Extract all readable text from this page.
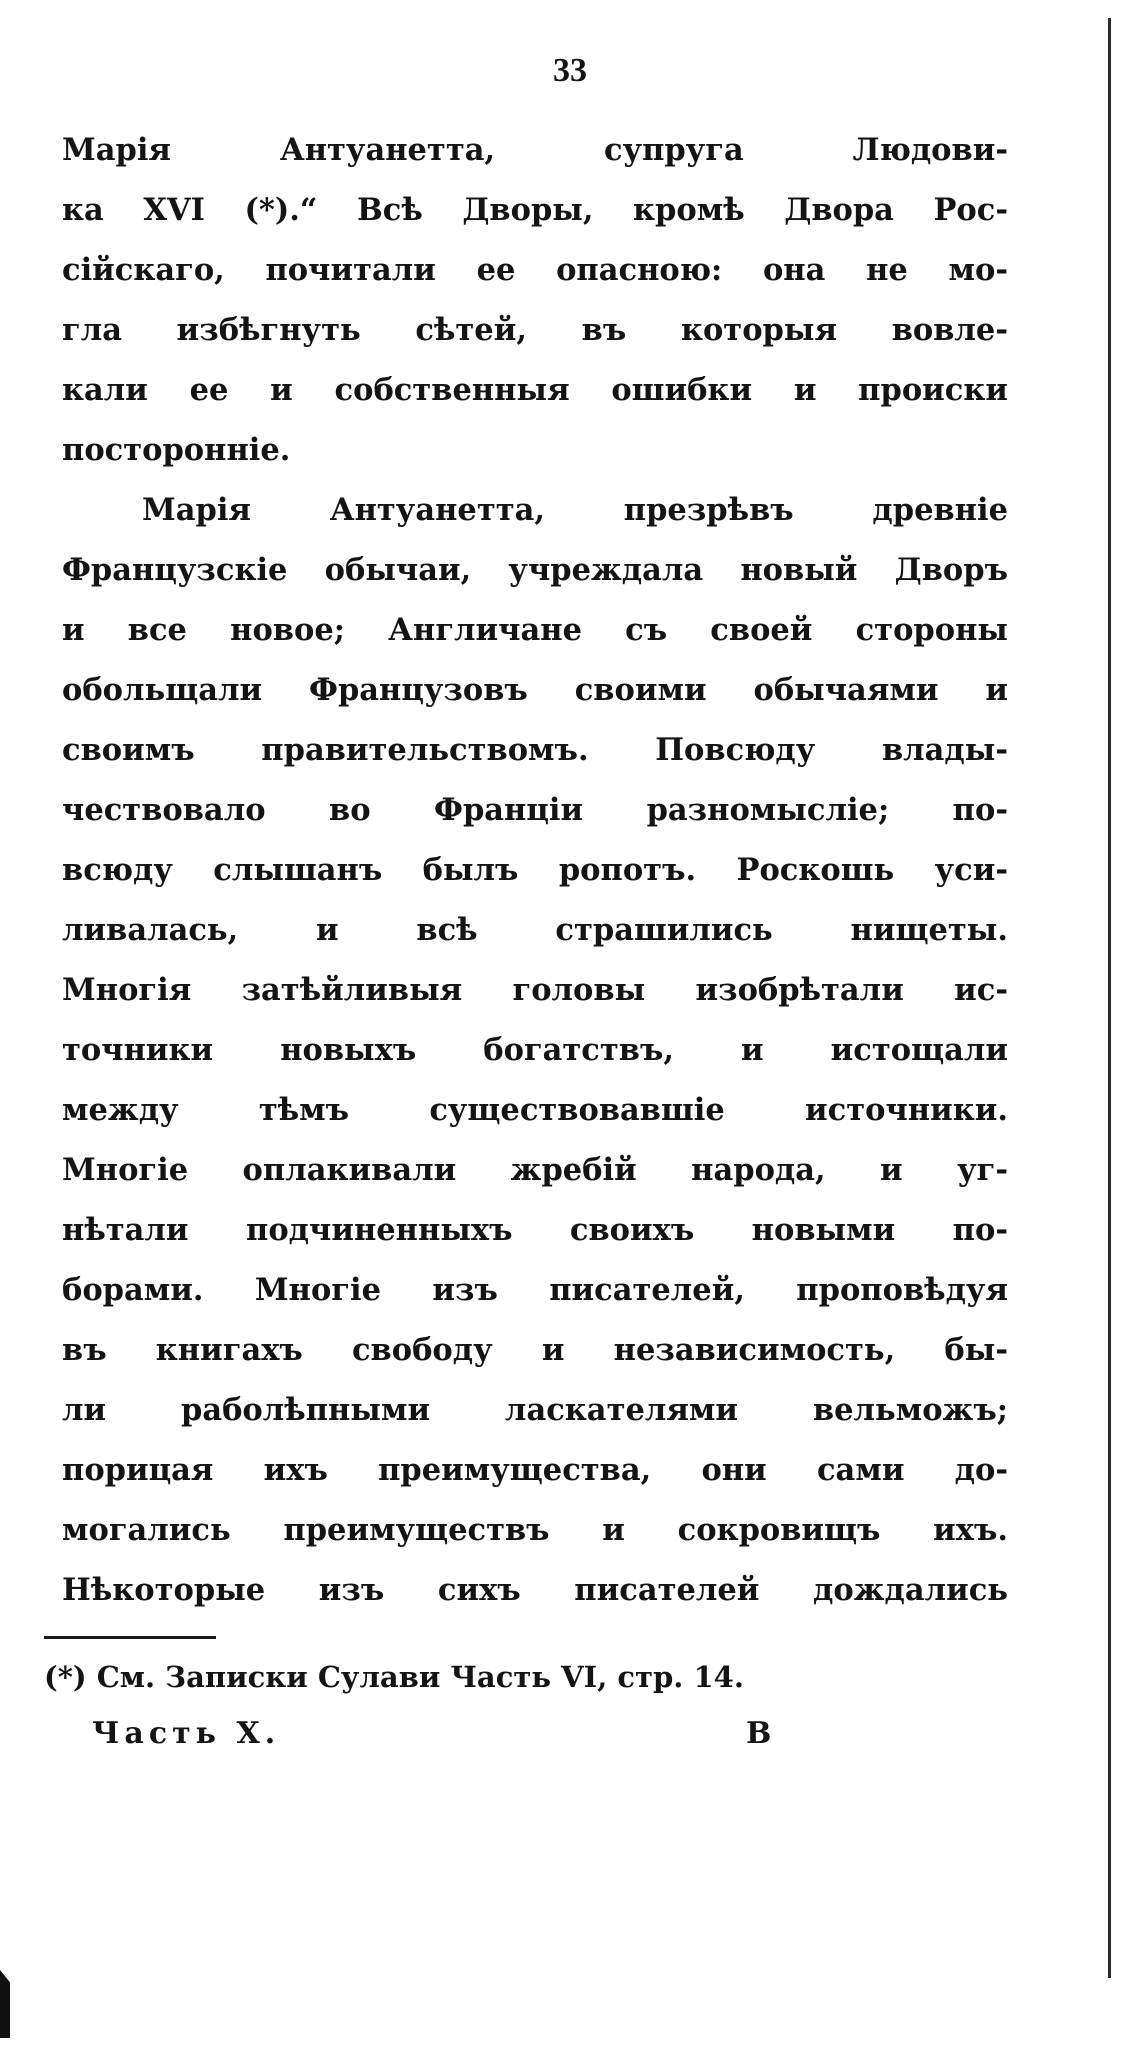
33
Марія Антуанетта, супруга Людови-
ка XVI (*).“ Всѣ Дворы, кромѣ Двора Рос-
сійскаго, почитали ее опасною: она не мо-
гла избѣгнуть сѣтей, въ которыя вовле-
кали ее и собственныя ошибки и происки
посторонніе.
Марія Антуанетта, презрѣвъ древніе
Французскіе обычаи, учреждала новый Дворъ
и все новое; Англичане съ своей стороны
обольщали Французовъ своими обычаями и
своимъ правительствомъ. Повсюду влады-
чествовало во Франціи разномысліе; по-
всюду слышанъ былъ ропотъ. Роскошь уси-
ливалась, и всѣ страшились нищеты.
Многія затѣйливыя головы изобрѣтали ис-
точники новыхъ богатствъ, и истощали
между тѣмъ существовавшіе источники.
Многіе оплакивали жребій народа, и уг-
нѣтали подчиненныхъ своихъ новыми по-
борами. Многіе изъ писателей, проповѣдуя
въ книгахъ свободу и независимость, бы-
ли раболѣпными ласкателями вельможъ;
порицая ихъ преимущества, они сами до-
могались преимуществъ и сокровищъ ихъ.
Нѣкоторые изъ сихъ писателей дождались
(*) См. Записки Сулави Часть VI, стр. 14.
Часть X.	В
